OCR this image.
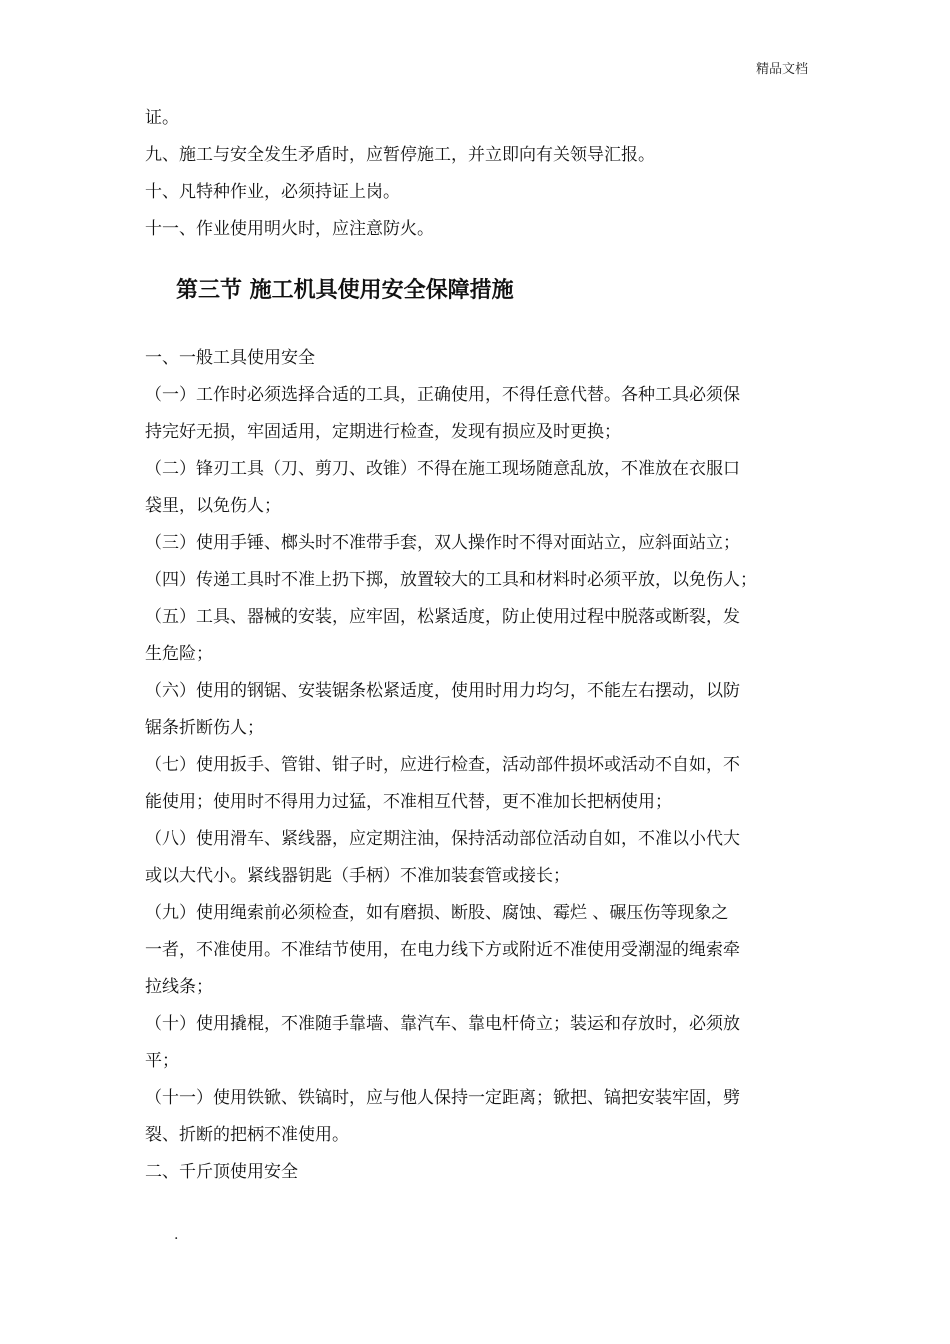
精品文档
证。
九、施工与安全发生矛盾时，应暂停施工，并立即向有关领导汇报。
十、凡特种作业，必须持证上岗。
十一、作业使用明火时，应注意防火。
第三节 施工机具使用安全保障措施
一、一般工具使用安全
（一）工作时必须选择合适的工具，正确使用，不得任意代替。各种工具必须保
持完好无损，牢固适用，定期进行检查，发现有损应及时更换；
（二）锋刃工具（刀、剪刀、改锥）不得在施工现场随意乱放，不准放在衣服口
袋里，以免伤人；
（三）使用手锤、榔头时不准带手套，双人操作时不得对面站立，应斜面站立；
（四）传递工具时不准上扔下掷，放置较大的工具和材料时必须平放，以免伤人；
（五）工具、器械的安装，应牢固，松紧适度，防止使用过程中脱落或断裂，发
生危险；
（六）使用的钢锯、安装锯条松紧适度，使用时用力均匀，不能左右摆动，以防
锯条折断伤人；
（七）使用扳手、管钳、钳子时，应进行检查，活动部件损坏或活动不自如，不
能使用；使用时不得用力过猛，不准相互代替，更不准加长把柄使用；
（八）使用滑车、紧线器，应定期注油，保持活动部位活动自如，不准以小代大
或以大代小。紧线器钥匙（手柄）不准加装套管或接长；
（九）使用绳索前必须检查，如有磨损、断股、腐蚀、霉烂 、碾压伤等现象之
一者，不准使用。不准结节使用，在电力线下方或附近不准使用受潮湿的绳索牵
拉线条；
（十）使用撬棍，不准随手靠墙、靠汽车、靠电杆倚立；装运和存放时，必须放
平；
（十一）使用铁锨、铁镐时，应与他人保持一定距离；锨把、镐把安装牢固，劈
裂、折断的把柄不准使用。
二、千斤顶使用安全
.
